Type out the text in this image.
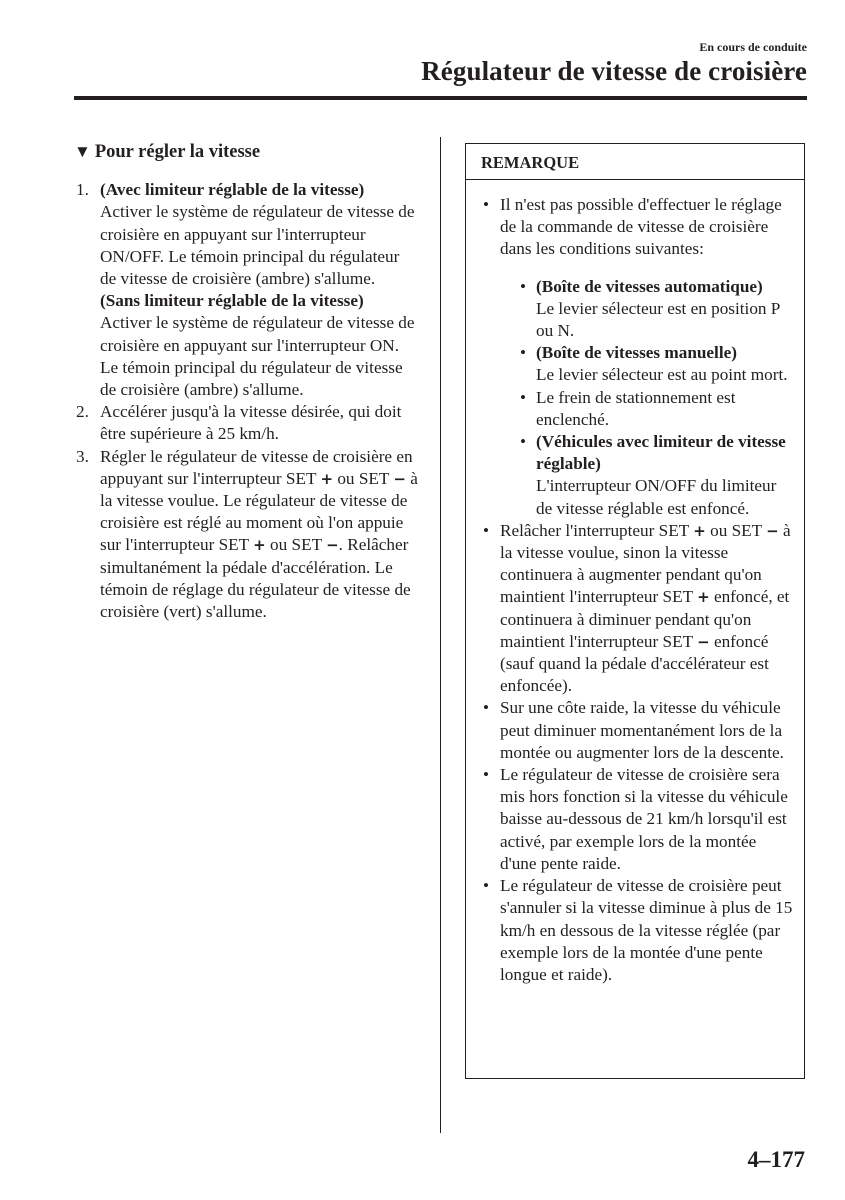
En cours de conduite
Régulateur de vitesse de croisière
▼ Pour régler la vitesse
1. (Avec limiteur réglable de la vitesse)
Activer le système de régulateur de vitesse de croisière en appuyant sur l'interrupteur ON/OFF. Le témoin principal du régulateur de vitesse de croisière (ambre) s'allume.
(Sans limiteur réglable de la vitesse)
Activer le système de régulateur de vitesse de croisière en appuyant sur l'interrupteur ON. Le témoin principal du régulateur de vitesse de croisière (ambre) s'allume.
2. Accélérer jusqu'à la vitesse désirée, qui doit être supérieure à 25 km/h.
3. Régler le régulateur de vitesse de croisière en appuyant sur l'interrupteur SET + ou SET − à la vitesse voulue. Le régulateur de vitesse de croisière est réglé au moment où l'on appuie sur l'interrupteur SET + ou SET −. Relâcher simultanément la pédale d'accélération. Le témoin de réglage du régulateur de vitesse de croisière (vert) s'allume.
REMARQUE
• Il n'est pas possible d'effectuer le réglage de la commande de vitesse de croisière dans les conditions suivantes:
• (Boîte de vitesses automatique)
Le levier sélecteur est en position P ou N.
• (Boîte de vitesses manuelle)
Le levier sélecteur est au point mort.
• Le frein de stationnement est enclenché.
• (Véhicules avec limiteur de vitesse réglable)
L'interrupteur ON/OFF du limiteur de vitesse réglable est enfoncé.
• Relâcher l'interrupteur SET + ou SET − à la vitesse voulue, sinon la vitesse continuera à augmenter pendant qu'on maintient l'interrupteur SET + enfoncé, et continuera à diminuer pendant qu'on maintient l'interrupteur SET − enfoncé (sauf quand la pédale d'accélérateur est enfoncée).
• Sur une côte raide, la vitesse du véhicule peut diminuer momentanément lors de la montée ou augmenter lors de la descente.
• Le régulateur de vitesse de croisière sera mis hors fonction si la vitesse du véhicule baisse au-dessous de 21 km/h lorsqu'il est activé, par exemple lors de la montée d'une pente raide.
• Le régulateur de vitesse de croisière peut s'annuler si la vitesse diminue à plus de 15 km/h en dessous de la vitesse réglée (par exemple lors de la montée d'une pente longue et raide).
4–177
